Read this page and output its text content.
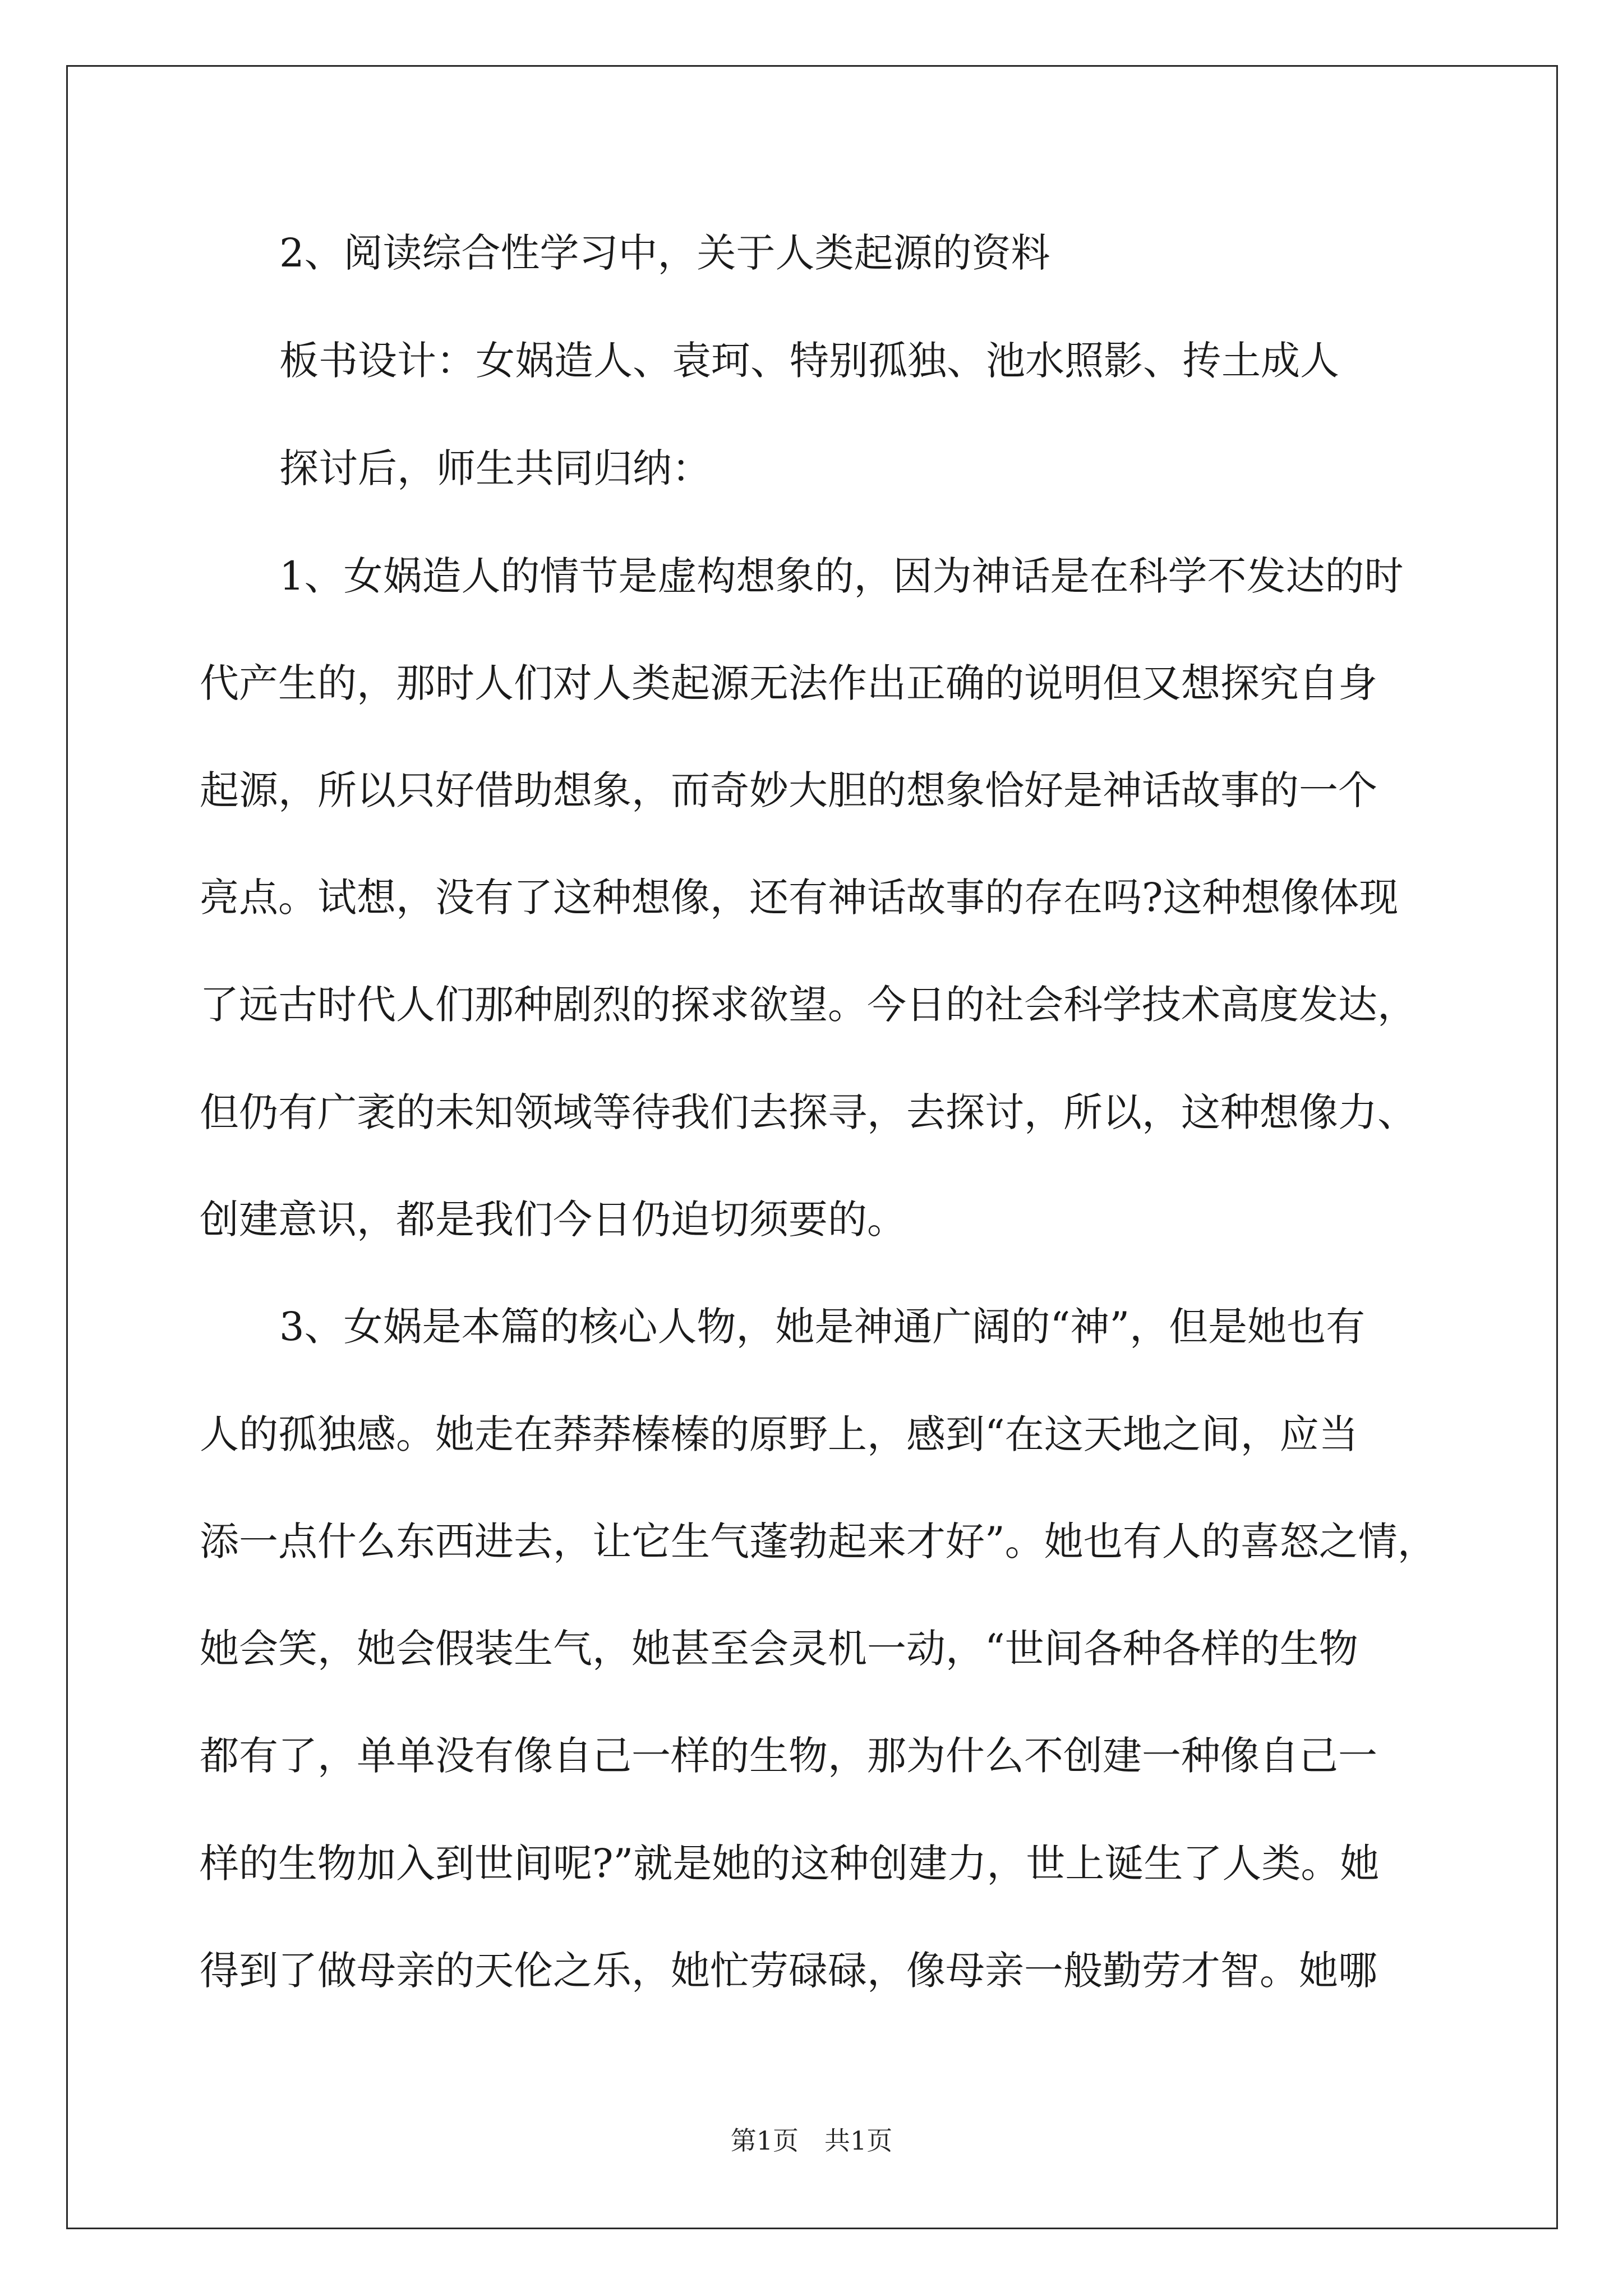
2、阅读综合性学习中，关于人类起源的资料
板书设计：女娲造人、袁珂、特别孤独、池水照影、抟土成人
探讨后，师生共同归纳：
1、女娲造人的情节是虚构想象的，因为神话是在科学不发达的时
代产生的，那时人们对人类起源无法作出正确的说明但又想探究自身
起源，所以只好借助想象，而奇妙大胆的想象恰好是神话故事的一个
亮点。试想，没有了这种想像，还有神话故事的存在吗?这种想像体现
了远古时代人们那种剧烈的探求欲望。今日的社会科学技术高度发达，
但仍有广袤的未知领域等待我们去探寻，去探讨，所以，这种想像力、
创建意识，都是我们今日仍迫切须要的。
3、女娲是本篇的核心人物，她是神通广阔的“神”，但是她也有
人的孤独感。她走在莽莽榛榛的原野上，感到“在这天地之间，应当
添一点什么东西进去，让它生气蓬勃起来才好”。她也有人的喜怒之情，
她会笑，她会假装生气，她甚至会灵机一动，“世间各种各样的生物
都有了，单单没有像自己一样的生物，那为什么不创建一种像自己一
样的生物加入到世间呢?”就是她的这种创建力，世上诞生了人类。她
得到了做母亲的天伦之乐，她忙劳碌碌，像母亲一般勤劳才智。她哪
第1页　共1页
